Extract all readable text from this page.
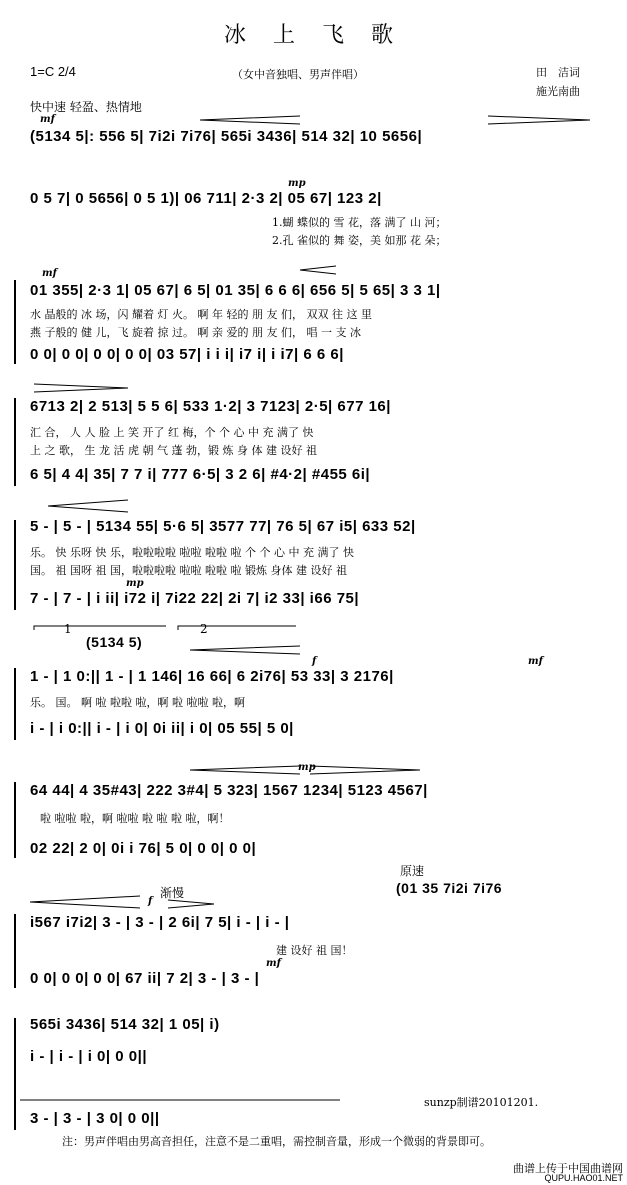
冰 上 飞 歌
1=C 2/4	（女中音独唱、男声伴唱）	田　洁词
施光南曲
快中速 轻盈、热情地
mf
(5134 5|: 556 5| 7i2i 7i76| 565i 3436| 514 32| 10 5656|
mp
0 5 7| 0 5656| 0 5 1)| 06 711| 2·3 2| 05 67| 123 2|
1.蝴 蝶似的 雪 花，落 满了 山 河；
2.孔 雀似的 舞 姿，美 如那 花 朵；
mf
01 355| 2·3 1| 05 67| 6 5| 01 35| 6 6 6| 656 5| 5 65| 3 3 1|
水 晶般的 冰 场，闪 耀着 灯 火。 啊 年 轻的 朋 友 们， 双双 往 这 里
燕 子般的 健 儿，飞 旋着 掠 过。 啊 亲 爱的 朋 友 们， 唱 一 支 冰
0 0| 0 0| 0 0| 0 0| 03 57| i i i| i7 i| i i7| 6 6 6|
6713 2| 2 513| 5 5 6| 533 1·2| 3 7123| 2·5| 677 16|
汇 合， 人 人 脸 上 笑 开了 红 梅，个 个 心 中 充 满了 快
上 之 歌， 生 龙 活 虎 朝 气 蓬 勃，锻 炼 身 体 建 设好 祖
6 5| 4 4| 35| 7 7 i| 777 6·5| 3 2 6| #4·2| #455 6i|
5 - | 5 - | 5134 55| 5·6 5| 3577 77| 76 5| 67 i5| 633 52|
乐。 快 乐呀 快 乐，啦啦啦啦 啦啦 啦啦 啦 个 个 心 中 充 满了 快
国。 祖 国呀 祖 国，啦啦啦啦 啦啦 啦啦 啦 锻炼 身体 建 设好 祖
mp
7 - | 7 - | i ii| i72 i| 7i22 22| 2i 7| i2 33| i66 75|
1	2
(5134 5)
f	mf
1 - | 1 0:|| 1 - | 1 146| 16 66| 6 2i76| 53 33| 3 2176|
乐。 国。 啊 啦 啦啦 啦，啊 啦 啦啦 啦，啊
i - | i 0:|| i - | i 0| 0i ii| i 0| 05 55| 5 0|
mp
64 44| 4 35#43| 222 3#4| 5 323| 1567 1234| 5123 4567|
啦 啦啦 啦，啊 啦啦 啦 啦 啦 啦，啊！
02 22| 2 0| 0i i 76| 5 0| 0 0| 0 0|
原速
渐慢	(01 35 7i2i 7i76
f
i567 i7i2| 3 - | 3 - | 2 6i| 7 5| i - | i - |
建 设好 祖 国！
mf
0 0| 0 0| 0 0| 67 ii| 7 2| 3 - | 3 - |
565i 3436| 514 32| 1 05| i)
i - | i - | i 0| 0 0||
3 - | 3 - | 3 0| 0 0||
sunzp制谱20101201.
注：男声伴唱由男高音担任，注意不是二重唱，需控制音量，形成一个微弱的背景即可。
曲谱上传于中国曲谱网
QUPU.HAO01.NET
